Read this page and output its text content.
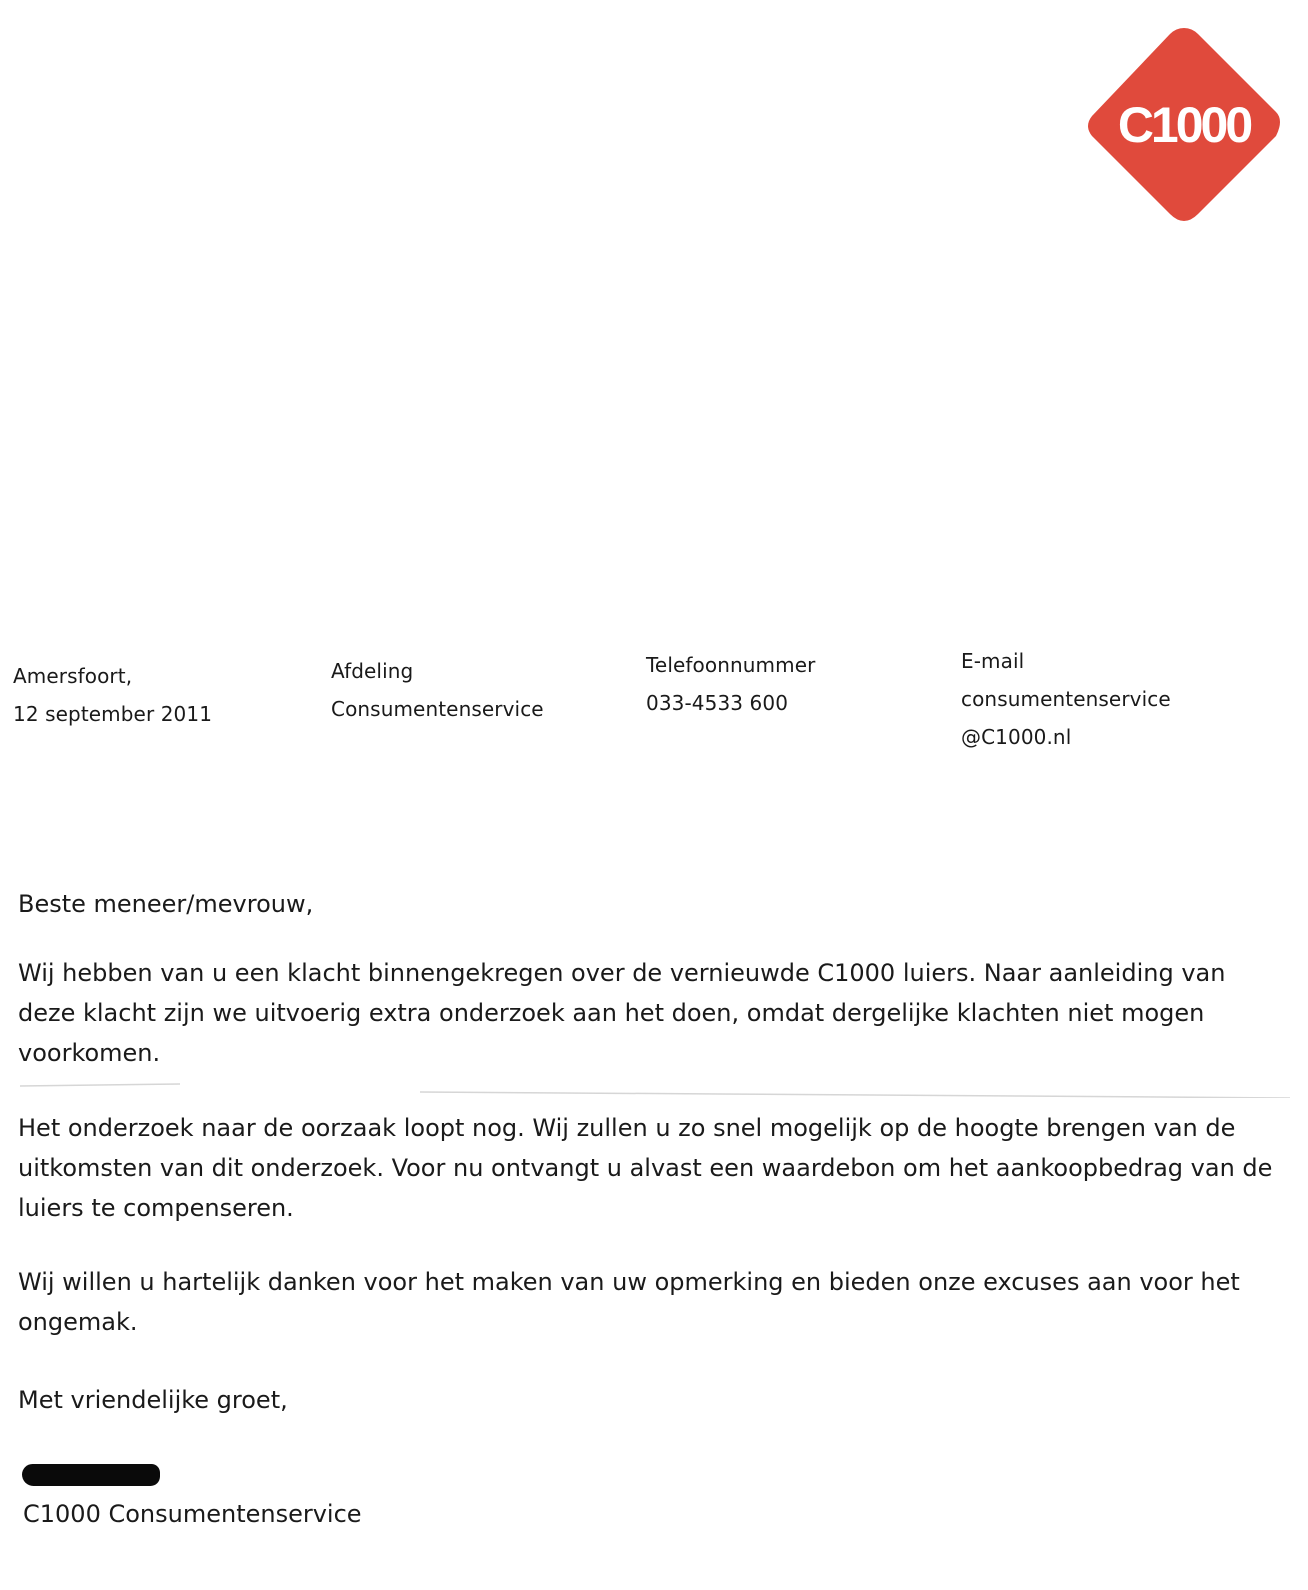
C1000
Amersfoort,
12 september 2011
Afdeling
Consumentenservice
Telefoonnummer
033-4533 600
E-mail
consumentenservice
@C1000.nl

Beste meneer/mevrouw,

Wij hebben van u een klacht binnengekregen over de vernieuwde C1000 luiers. Naar aanleiding van deze klacht zijn we uitvoerig extra onderzoek aan het doen, omdat dergelijke klachten niet mogen voorkomen.

Het onderzoek naar de oorzaak loopt nog. Wij zullen u zo snel mogelijk op de hoogte brengen van de uitkomsten van dit onderzoek. Voor nu ontvangt u alvast een waardebon om het aankoopbedrag van de luiers te compenseren.

Wij willen u hartelijk danken voor het maken van uw opmerking en bieden onze excuses aan voor het ongemak.

Met vriendelijke groet,

C1000 Consumentenservice
